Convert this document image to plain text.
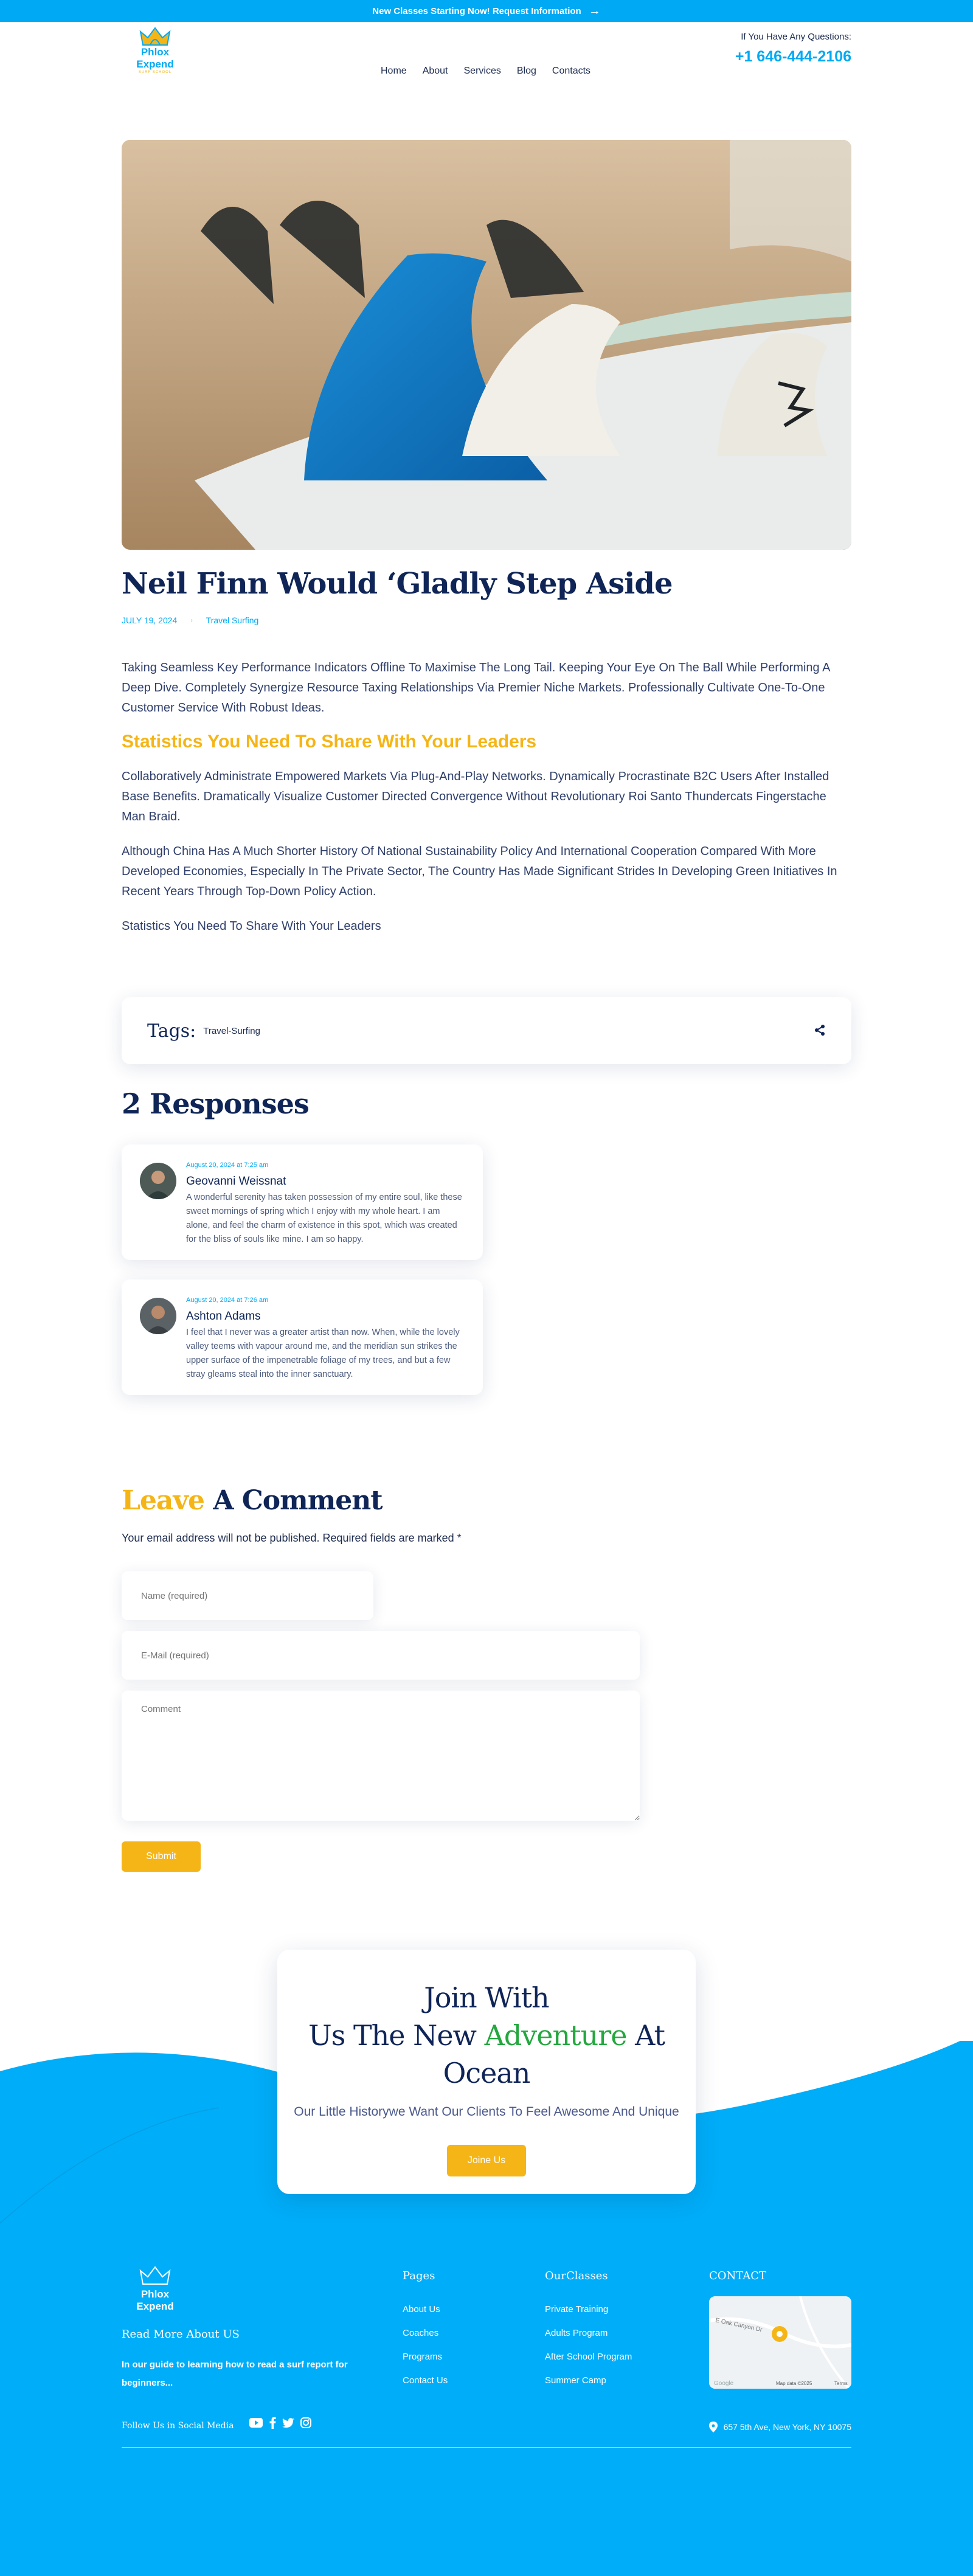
New Classes Starting Now! Request Information →
Phlox Expend
SURF SCHOOL	Home About Services Blog Contacts
If You Have Any Questions:
+1 646-444-2106
Neil Finn Would ‘Gladly Step Aside
JULY 19, 2024 › Travel Surfing

Taking Seamless Key Performance Indicators Offline To Maximise The Long Tail. Keeping Your Eye On The Ball While Performing A Deep Dive. Completely Synergize Resource Taxing Relationships Via Premier Niche Markets. Professionally Cultivate One-To-One Customer Service With Robust Ideas.

Statistics You Need To Share With Your Leaders

Collaboratively Administrate Empowered Markets Via Plug-And-Play Networks. Dynamically Procrastinate B2C Users After Installed Base Benefits. Dramatically Visualize Customer Directed Convergence Without Revolutionary Roi Santo Thundercats Fingerstache Man Braid.

Although China Has A Much Shorter History Of National Sustainability Policy And International Cooperation Compared With More Developed Economies, Especially In The Private Sector, The Country Has Made Significant Strides In Developing Green Initiatives In Recent Years Through Top-Down Policy Action.

Statistics You Need To Share With Your Leaders

Tags: Travel-Surfing
2 Responses
August 20, 2024 at 7:25 am
Geovanni Weissnat
A wonderful serenity has taken possession of my entire soul, like these sweet mornings of spring which I enjoy with my whole heart. I am alone, and feel the charm of existence in this spot, which was created for the bliss of souls like mine. I am so happy.
August 20, 2024 at 7:26 am
Ashton Adams
I feel that I never was a greater artist than now. When, while the lovely valley teems with vapour around me, and the meridian sun strikes the upper surface of the impenetrable foliage of my trees, and but a few stray gleams steal into the inner sanctuary.
Leave A Comment
Your email address will not be published. Required fields are marked *
Name (required)
E-Mail (required)
Comment
Submit
Join With
Us The New Adventure At Ocean
Our Little Historywe Want Our Clients To Feel Awesome And Unique
Joine Us
Phlox Expend
Read More About US
In our guide to learning how to read a surf report for beginners...
Pages
About Us
Coaches
Programs
Contact Us
OurClasses
Private Training
Adults Program
After School Program
Summer Camp
CONTACT
E Oak Canyon Dr
Google	Map data ©2025	Terms
Follow Us in Social Media	657 5th Ave, New York, NY 10075
